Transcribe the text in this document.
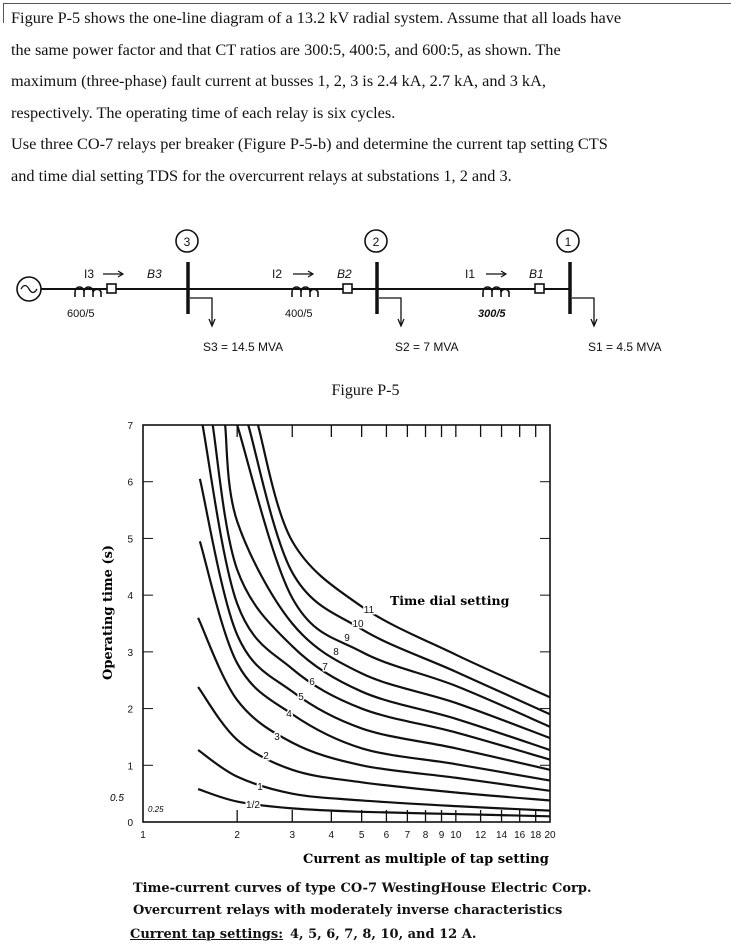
Figure P-5 shows the one-line diagram of a 13.2 kV radial system. Assume that all loads have
the same power factor and that CT ratios are 300:5, 400:5, and 600:5, as shown. The
maximum (three-phase) fault current at busses 1, 2, 3 is 2.4 kA, 2.7 kA, and 3 kA,
respectively. The operating time of each relay is six cycles.
Use three CO-7 relays per breaker (Figure P-5-b) and determine the current tap setting CTS
and time dial setting TDS for the overcurrent relays at substations 1, 2 and 3.
3	2	1
I3	I2	I1
B3	B2	B1
600/5	400/5	300/5
S3 = 14.5 MVA	S2 = 7 MVA	S1 = 4.5 MVA
Figure P-5
1/2
1
2
3
4
5
6
7
8
9
10
11
1	2	3	4 5 6 7 8 9 10 12 14 16 18 20
0
1
2
3
4
5
6
7
Operating time (s)	Time dial setting
Current as multiple of tap setting
0.5
0.25
Time-current curves of type CO-7 WestingHouse Electric Corp.
Overcurrent relays with moderately inverse characteristics
Current tap settings: 4, 5, 6, 7, 8, 10, and 12 A.
